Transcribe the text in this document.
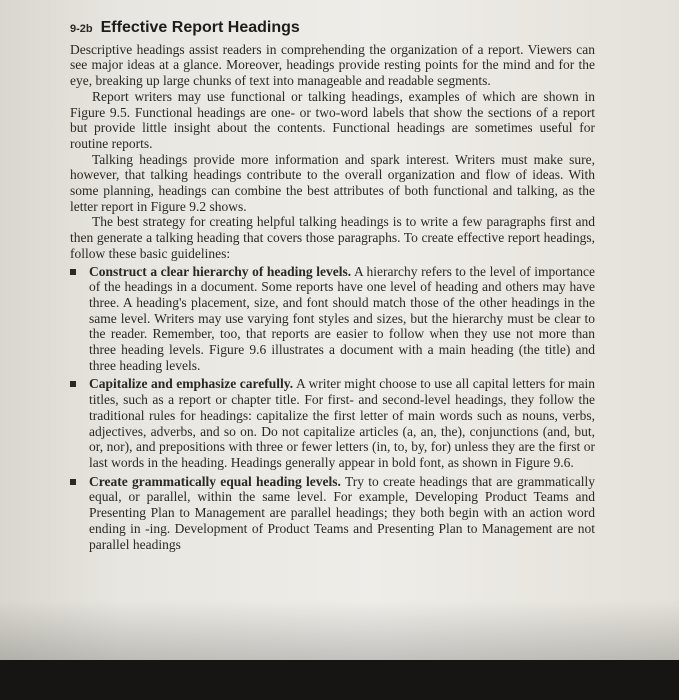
9-2b Effective Report Headings

Descriptive headings assist readers in comprehending the organization of a report. Viewers can see major ideas at a glance. Moreover, headings provide resting points for the mind and for the eye, breaking up large chunks of text into manageable and readable segments.

Report writers may use functional or talking headings, examples of which are shown in Figure 9.5. Functional headings are one- or two-word labels that show the sections of a report but provide little insight about the contents. Functional headings are sometimes useful for routine reports.

Talking headings provide more information and spark interest. Writers must make sure, however, that talking headings contribute to the overall organization and flow of ideas. With some planning, headings can combine the best attributes of both functional and talking, as the letter report in Figure 9.2 shows.

The best strategy for creating helpful talking headings is to write a few paragraphs first and then generate a talking heading that covers those paragraphs. To create effective report headings, follow these basic guidelines:

Construct a clear hierarchy of heading levels. A hierarchy refers to the level of importance of the headings in a document. Some reports have one level of heading and others may have three. A heading's placement, size, and font should match those of the other headings in the same level. Writers may use varying font styles and sizes, but the hierarchy must be clear to the reader. Remember, too, that reports are easier to follow when they use not more than three heading levels. Figure 9.6 illustrates a document with a main heading (the title) and three heading levels.
Capitalize and emphasize carefully. A writer might choose to use all capital letters for main titles, such as a report or chapter title. For first- and second-level headings, they follow the traditional rules for headings: capitalize the first letter of main words such as nouns, verbs, adjectives, adverbs, and so on. Do not capitalize articles (a, an, the), conjunctions (and, but, or, nor), and prepositions with three or fewer letters (in, to, by, for) unless they are the first or last words in the heading. Headings generally appear in bold font, as shown in Figure 9.6.
Create grammatically equal heading levels. Try to create headings that are grammatically equal, or parallel, within the same level. For example, Developing Product Teams and Presenting Plan to Management are parallel headings; they both begin with an action word ending in -ing. Development of Product Teams and Presenting Plan to Management are not parallel headings
